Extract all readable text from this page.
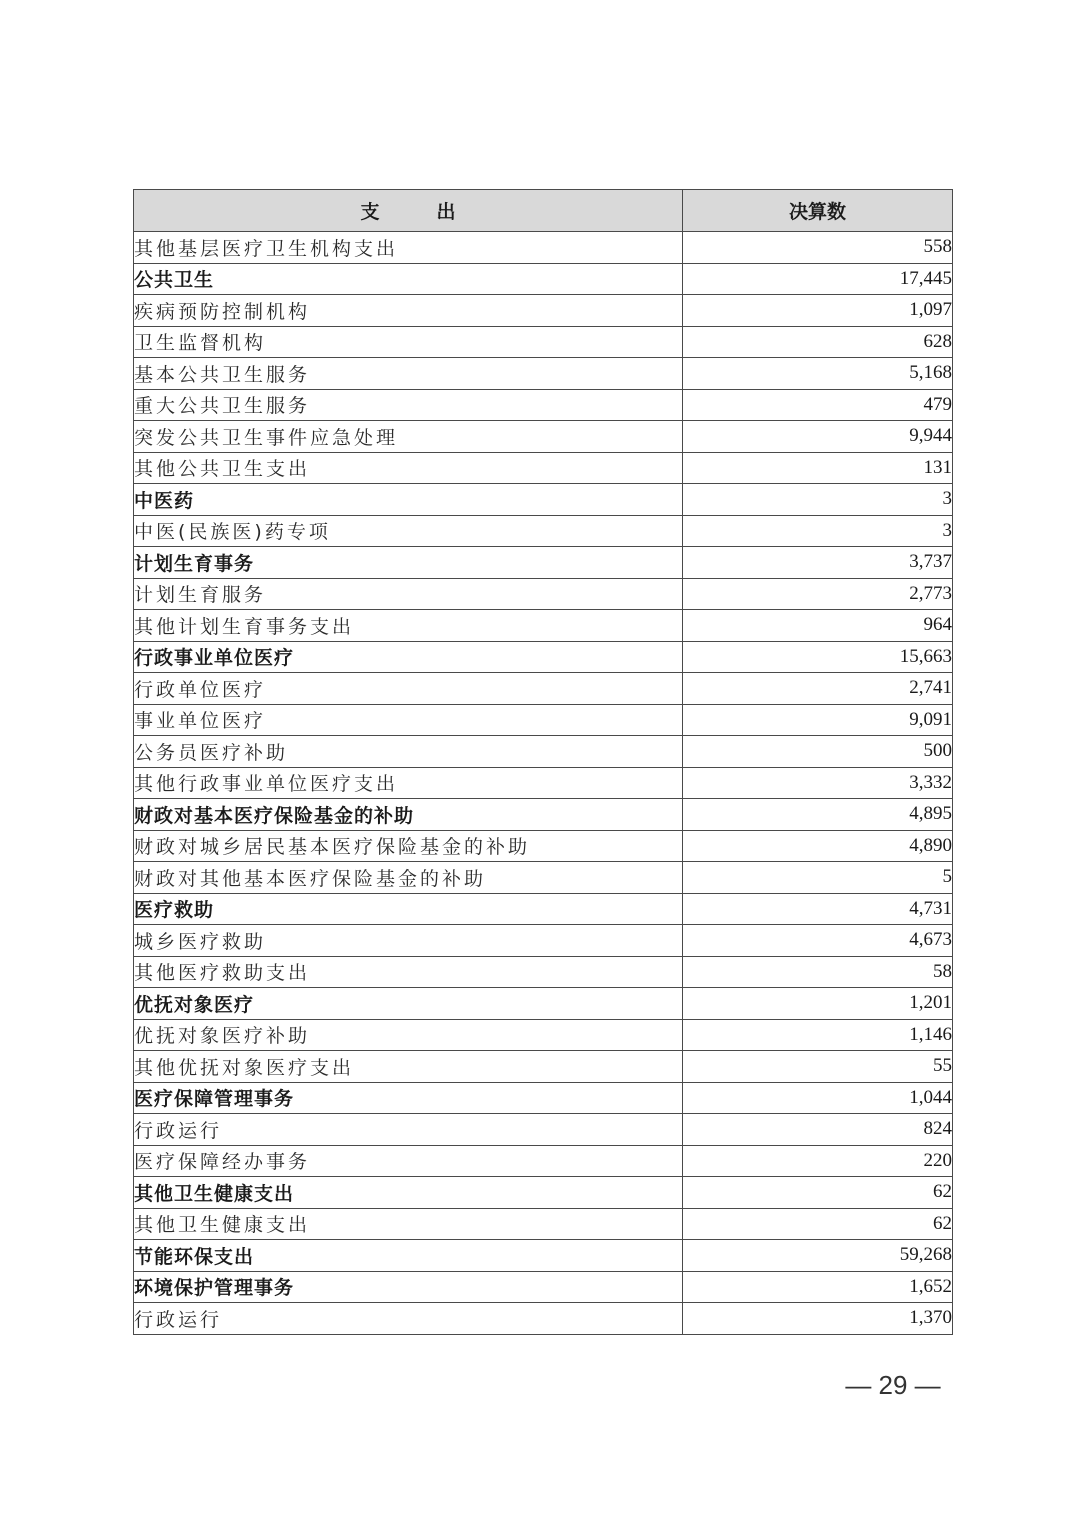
支　　　出	决算数
其他基层医疗卫生机构支出	558
公共卫生	17,445
疾病预防控制机构	1,097
卫生监督机构	628
基本公共卫生服务	5,168
重大公共卫生服务	479
突发公共卫生事件应急处理	9,944
其他公共卫生支出	131
中医药	3
中医(民族医)药专项	3
计划生育事务	3,737
计划生育服务	2,773
其他计划生育事务支出	964
行政事业单位医疗	15,663
行政单位医疗	2,741
事业单位医疗	9,091
公务员医疗补助	500
其他行政事业单位医疗支出	3,332
财政对基本医疗保险基金的补助	4,895
财政对城乡居民基本医疗保险基金的补助	4,890
财政对其他基本医疗保险基金的补助	5
医疗救助	4,731
城乡医疗救助	4,673
其他医疗救助支出	58
优抚对象医疗	1,201
优抚对象医疗补助	1,146
其他优抚对象医疗支出	55
医疗保障管理事务	1,044
行政运行	824
医疗保障经办事务	220
其他卫生健康支出	62
其他卫生健康支出	62
节能环保支出	59,268
环境保护管理事务	1,652
行政运行	1,370
— 29 —
